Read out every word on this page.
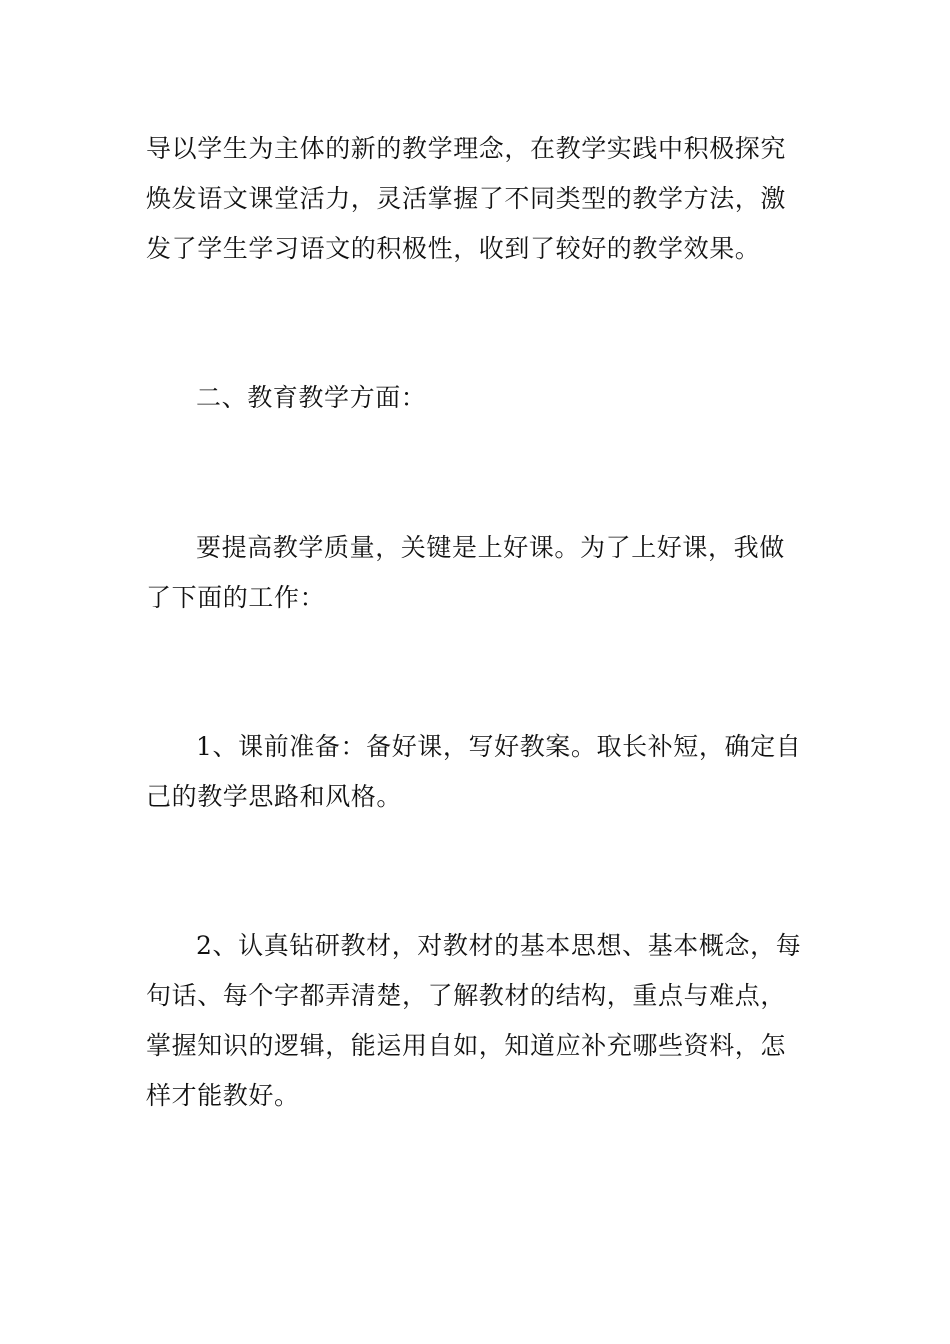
导以学生为主体的新的教学理念，在教学实践中积极探究
焕发语文课堂活力，灵活掌握了不同类型的教学方法，激
发了学生学习语文的积极性，收到了较好的教学效果。
二、教育教学方面：
要提高教学质量，关键是上好课。为了上好课，我做
了下面的工作：
1、课前准备：备好课，写好教案。取长补短，确定自
己的教学思路和风格。
2、认真钻研教材，对教材的基本思想、基本概念，每
句话、每个字都弄清楚，了解教材的结构，重点与难点，
掌握知识的逻辑，能运用自如，知道应补充哪些资料，怎
样才能教好。
